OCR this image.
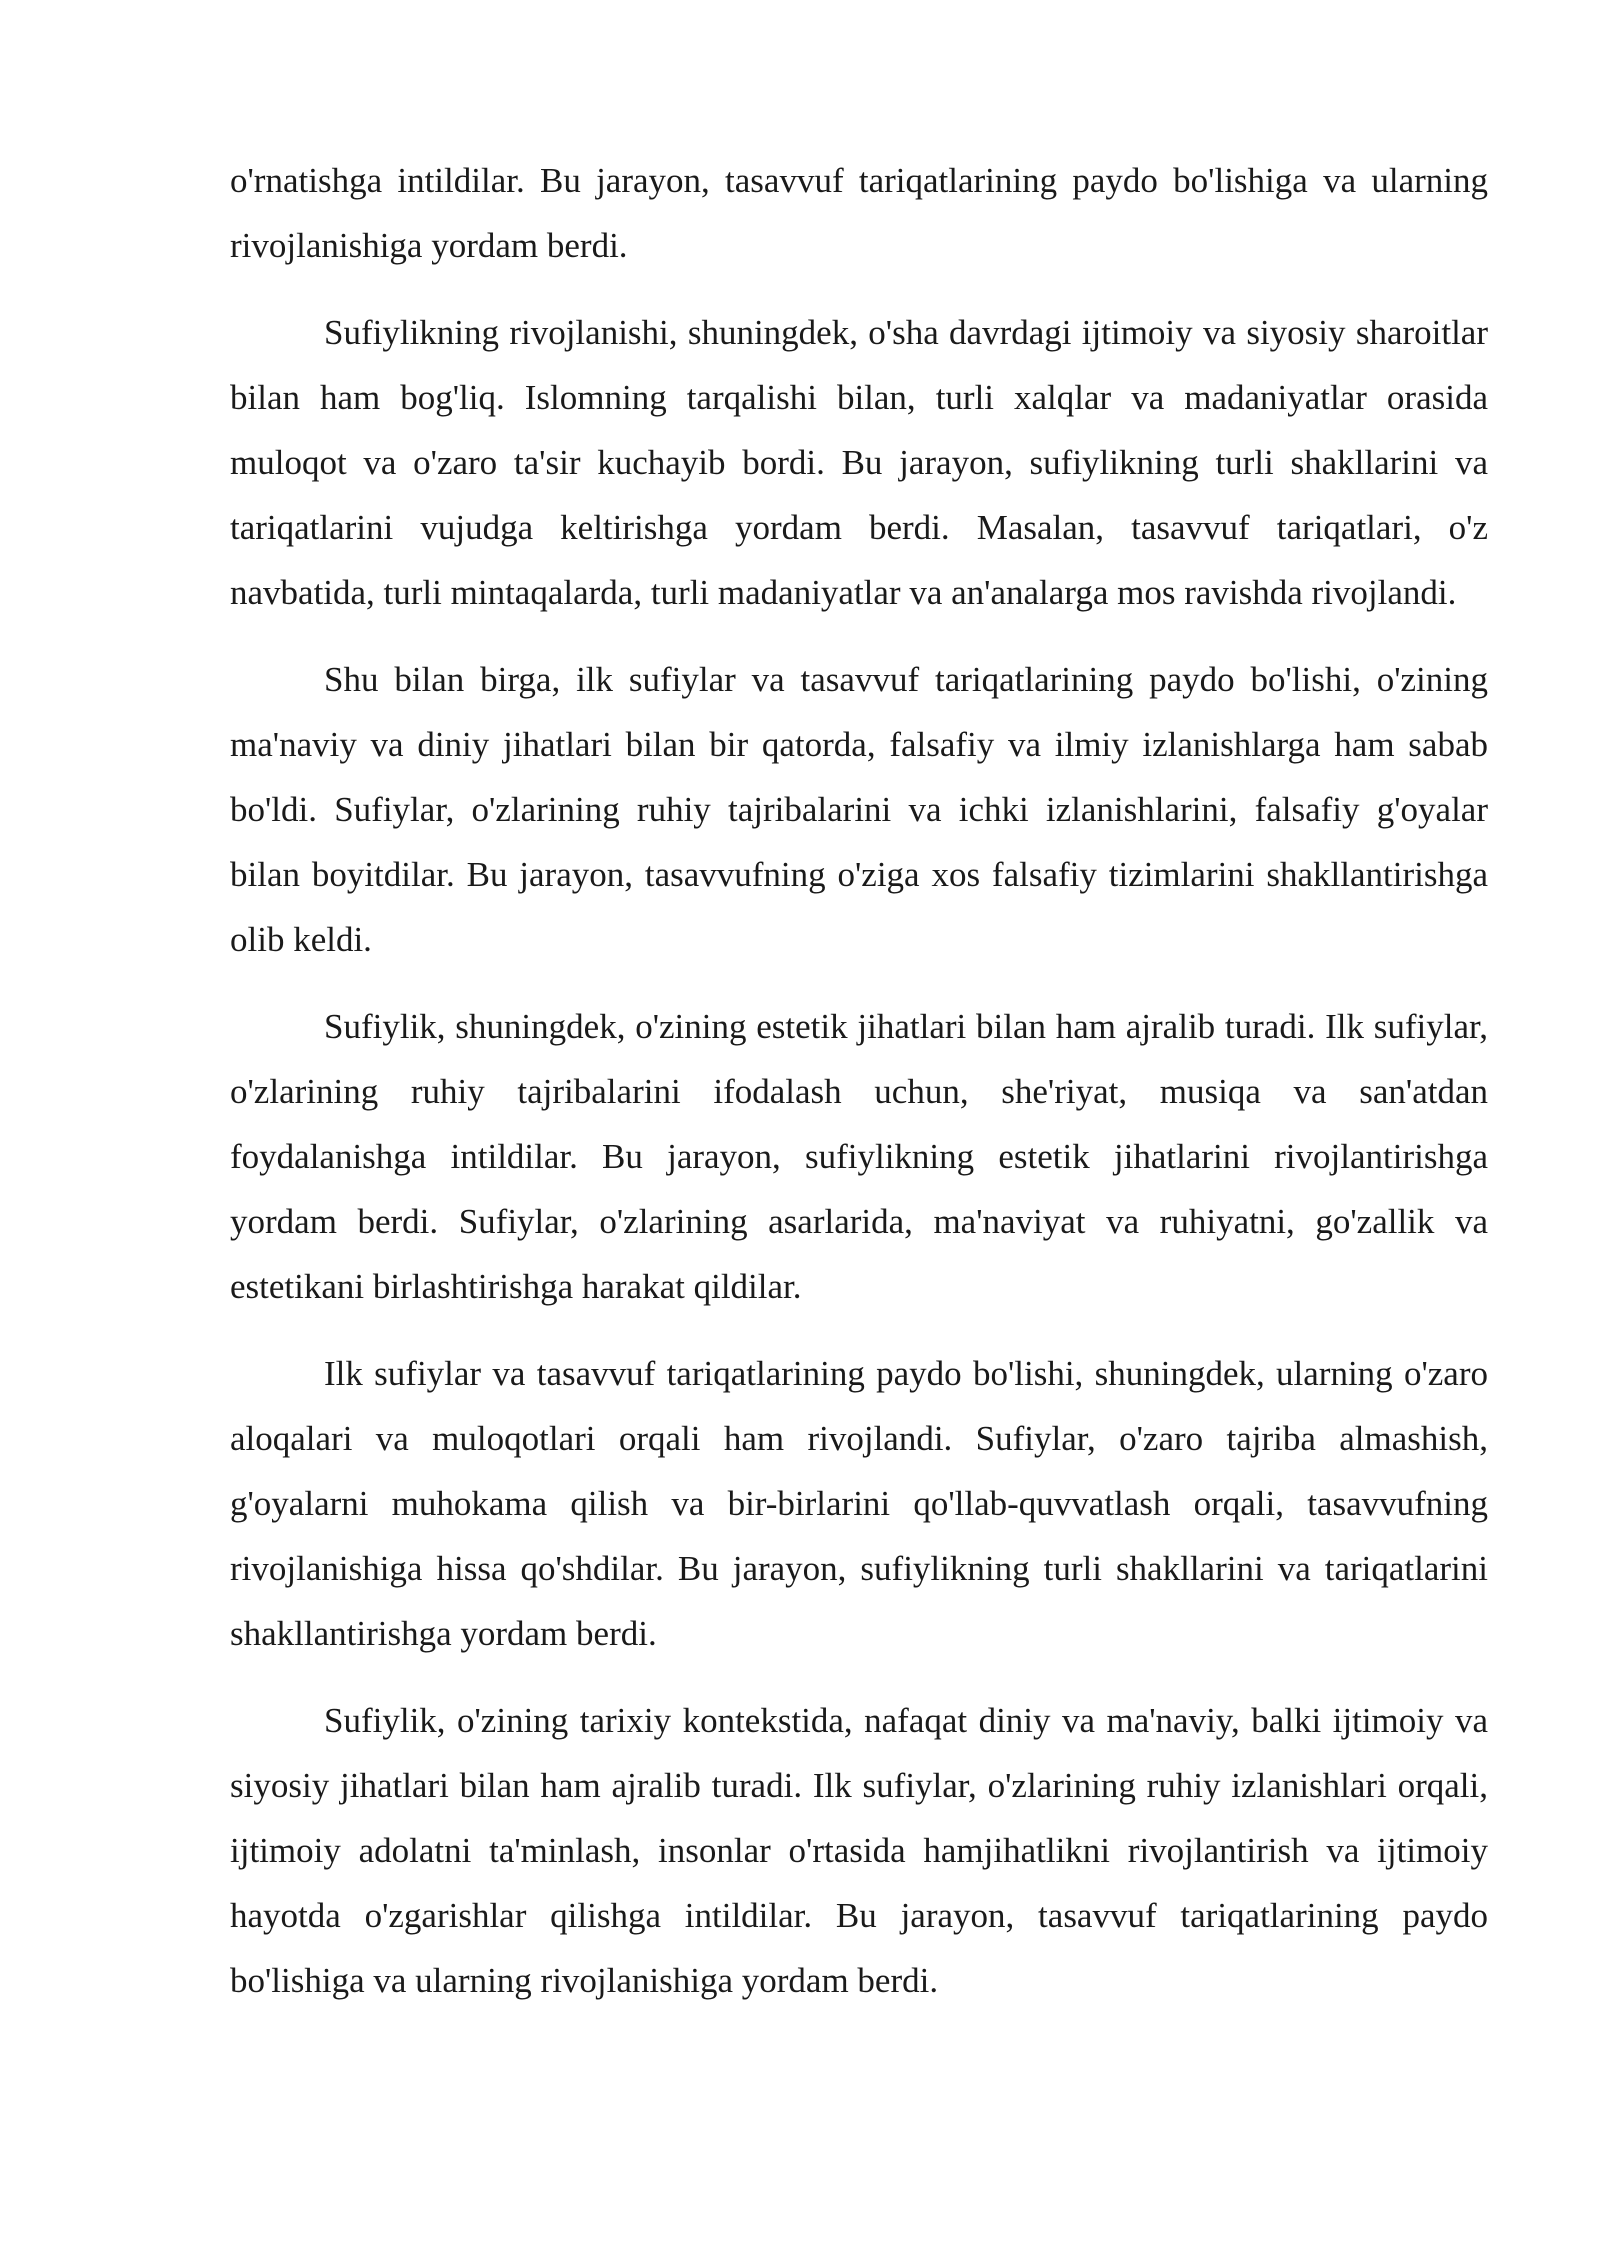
o'rnatishga intildilar. Bu jarayon, tasavvuf tariqatlarining paydo bo'lishiga va ularning rivojlanishiga yordam berdi.

Sufiylikning rivojlanishi, shuningdek, o'sha davrdagi ijtimoiy va siyosiy sharoitlar bilan ham bog'liq. Islomning tarqalishi bilan, turli xalqlar va madaniyatlar orasida muloqot va o'zaro ta'sir kuchayib bordi. Bu jarayon, sufiylikning turli shakllarini va tariqatlarini vujudga keltirishga yordam berdi. Masalan, tasavvuf tariqatlari, o'z navbatida, turli mintaqalarda, turli madaniyatlar va an'analarga mos ravishda rivojlandi.

Shu bilan birga, ilk sufiylar va tasavvuf tariqatlarining paydo bo'lishi, o'zining ma'naviy va diniy jihatlari bilan bir qatorda, falsafiy va ilmiy izlanishlarga ham sabab bo'ldi. Sufiylar, o'zlarining ruhiy tajribalarini va ichki izlanishlarini, falsafiy g'oyalar bilan boyitdilar. Bu jarayon, tasavvufning o'ziga xos falsafiy tizimlarini shakllantirishga olib keldi.

Sufiylik, shuningdek, o'zining estetik jihatlari bilan ham ajralib turadi. Ilk sufiylar, o'zlarining ruhiy tajribalarini ifodalash uchun, she'riyat, musiqa va san'atdan foydalanishga intildilar. Bu jarayon, sufiylikning estetik jihatlarini rivojlantirishga yordam berdi. Sufiylar, o'zlarining asarlarida, ma'naviyat va ruhiyatni, go'zallik va estetikani birlashtirishga harakat qildilar.

Ilk sufiylar va tasavvuf tariqatlarining paydo bo'lishi, shuningdek, ularning o'zaro aloqalari va muloqotlari orqali ham rivojlandi. Sufiylar, o'zaro tajriba almashish, g'oyalarni muhokama qilish va bir-birlarini qo'llab-quvvatlash orqali, tasavvufning rivojlanishiga hissa qo'shdilar. Bu jarayon, sufiylikning turli shakllarini va tariqatlarini shakllantirishga yordam berdi.

Sufiylik, o'zining tarixiy kontekstida, nafaqat diniy va ma'naviy, balki ijtimoiy va siyosiy jihatlari bilan ham ajralib turadi. Ilk sufiylar, o'zlarining ruhiy izlanishlari orqali, ijtimoiy adolatni ta'minlash, insonlar o'rtasida hamjihatlikni rivojlantirish va ijtimoiy hayotda o'zgarishlar qilishga intildilar. Bu jarayon, tasavvuf tariqatlarining paydo bo'lishiga va ularning rivojlanishiga yordam berdi.
